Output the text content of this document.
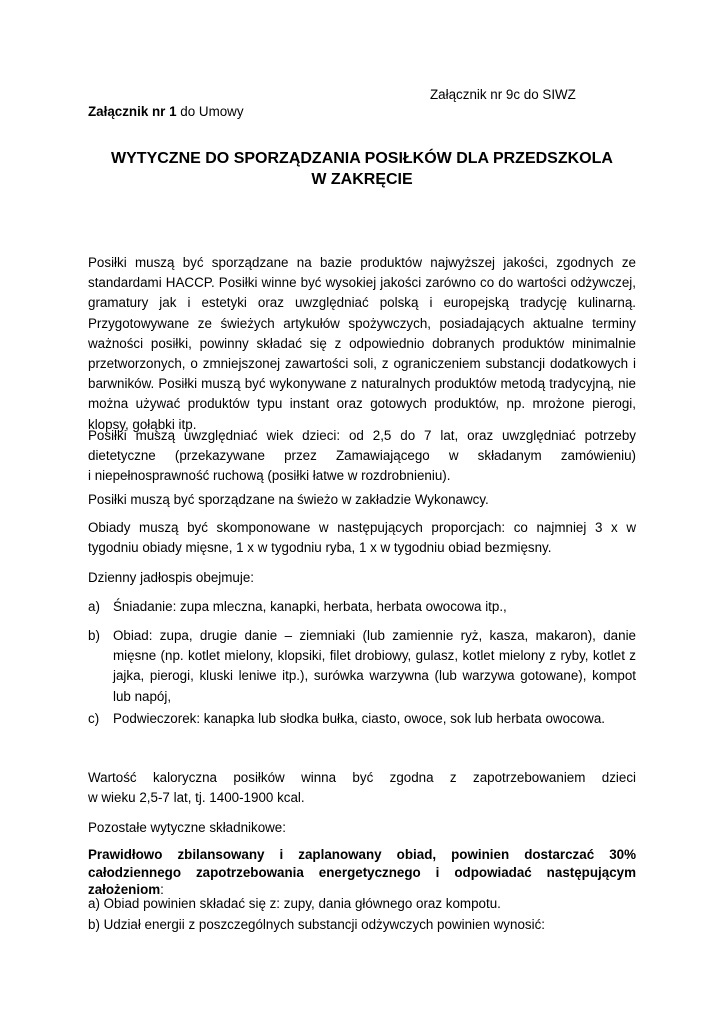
Załącznik nr 9c do SIWZ
Załącznik nr 1 do Umowy
WYTYCZNE DO SPORZĄDZANIA POSIŁKÓW DLA PRZEDSZKOLA
W ZAKRĘCIE

Posiłki muszą być sporządzane na bazie produktów najwyższej jakości, zgodnych ze standardami HACCP. Posiłki winne być wysokiej jakości zarówno co do wartości odżywczej, gramatury jak i estetyki oraz uwzględniać polską i europejską tradycję kulinarną. Przygotowywane ze świeżych artykułów spożywczych, posiadających aktualne terminy ważności posiłki, powinny składać się z odpowiednio dobranych produktów minimalnie przetworzonych, o zmniejszonej zawartości soli, z ograniczeniem substancji dodatkowych i barwników. Posiłki muszą być wykonywane z naturalnych produktów metodą tradycyjną, nie można używać produktów typu instant oraz gotowych produktów, np. mrożone pierogi, klopsy, gołąbki itp.

Posiłki muszą uwzględniać wiek dzieci: od 2,5 do 7 lat, oraz uwzględniać potrzeby dietetyczne (przekazywane przez Zamawiającego w składanym zamówieniu)
i niepełnosprawność ruchową (posiłki łatwe w rozdrobnieniu).

Posiłki muszą być sporządzane na świeżo w zakładzie Wykonawcy.

Obiady muszą być skomponowane w następujących proporcjach: co najmniej 3 x w tygodniu obiady mięsne, 1 x w tygodniu ryba, 1 x w tygodniu obiad bezmięsny.

Dzienny jadłospis obejmuje:

a) Śniadanie: zupa mleczna, kanapki, herbata, herbata owocowa itp.,
b) Obiad: zupa, drugie danie – ziemniaki (lub zamiennie ryż, kasza, makaron), danie mięsne (np. kotlet mielony, klopsiki, filet drobiowy, gulasz, kotlet mielony z ryby, kotlet z jajka, pierogi, kluski leniwe itp.), surówka warzywna (lub warzywa gotowane), kompot lub napój,
c) Podwieczorek: kanapka lub słodka bułka, ciasto, owoce, sok lub herbata owocowa.
Wartość kaloryczna posiłków winna być zgodna z zapotrzebowaniem dzieci
w wieku 2,5-7 lat, tj. 1400-1900 kcal.

Pozostałe wytyczne składnikowe:

Prawidłowo zbilansowany i zaplanowany obiad, powinien dostarczać 30% całodziennego zapotrzebowania energetycznego i odpowiadać następującym założeniom:

a) Obiad powinien składać się z: zupy, dania głównego oraz kompotu.

b) Udział energii z poszczególnych substancji odżywczych powinien wynosić:
